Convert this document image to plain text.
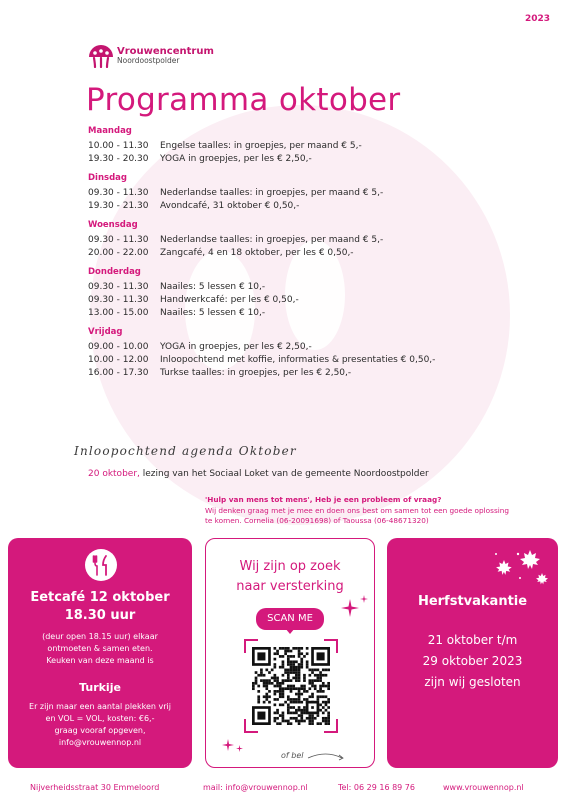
2023
Vrouwencentrum
Noordoostpolder
Programma oktober
Maandag
10.00 - 11.30	Engelse taalles: in groepjes, per maand € 5,-
19.30 - 20.30	YOGA in groepjes, per les € 2,50,-
Dinsdag
09.30 - 11.30	Nederlandse taalles: in groepjes, per maand € 5,-
19.30 - 21.30	Avondcafé, 31 oktober € 0,50,-
Woensdag
09.30 - 11.30	Nederlandse taalles: in groepjes, per maand € 5,-
20.00 - 22.00	Zangcafé, 4 en 18 oktober, per les € 0,50,-
Donderdag
09.30 - 11.30	Naailes: 5 lessen € 10,-
09.30 - 11.30	Handwerkcafé: per les € 0,50,-
13.00 - 15.00	Naailes: 5 lessen € 10,-
Vrijdag
09.00 - 10.00	YOGA in groepjes, per les € 2,50,-
10.00 - 12.00	Inloopochtend met koffie, informaties & presentaties € 0,50,-
16.00 - 17.30	Turkse taalles: in groepjes, per les € 2,50,-
Inloopochtend agenda Oktober
20 oktober, lezing van het Sociaal Loket van de gemeente Noordoostpolder
'Hulp van mens tot mens', Heb je een probleem of vraag?
Wij denken graag met je mee en doen ons best om samen tot een goede oplossing
te komen. Cornelia (06-20091698) of Taoussa (06-48671320)
Eetcafé 12 oktober
18.30 uur
(deur open 18.15 uur) elkaar
ontmoeten & samen eten.
Keuken van deze maand is
Turkije
Er zijn maar een aantal plekken vrij
en VOL = VOL, kosten: €6,-
graag vooraf opgeven,
info@vrouwennop.nl
Wij zijn op zoek
naar versterking
SCAN ME
of bel
Herfstvakantie
21 oktober t/m
29 oktober 2023
zijn wij gesloten
Nijverheidsstraat 30 Emmeloord	mail: info@vrouwennop.nl	Tel: 06 29 16 89 76	www.vrouwennop.nl
